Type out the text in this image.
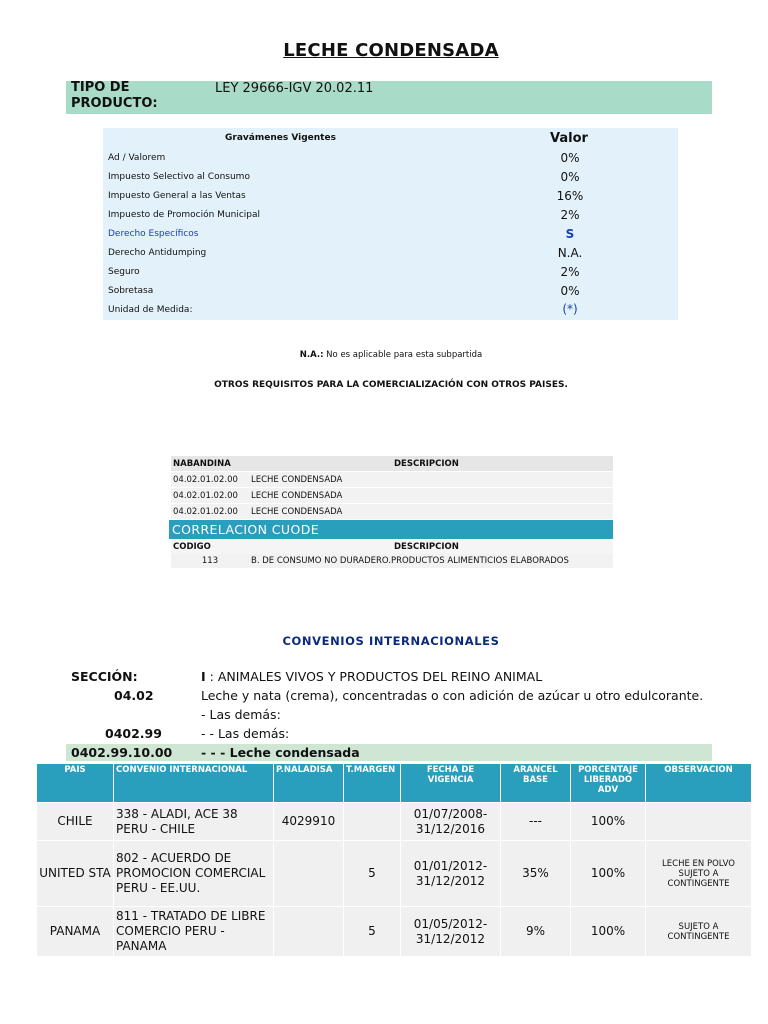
LECHE CONDENSADA
TIPO DE PRODUCTO:
LEY 29666-IGV 20.02.11
Gravámenes Vigentes	Valor
Ad / Valorem	0%
Impuesto Selectivo al Consumo	0%
Impuesto General a las Ventas	16%
Impuesto de Promoción Municipal	2%
Derecho Específicos	S
Derecho Antidumping	N.A.
Seguro	2%
Sobretasa	0%
Unidad de Medida:	(*)
N.A.: No es aplicable para esta subpartida
OTROS REQUISITOS PARA LA COMERCIALIZACIÓN CON OTROS PAISES.
NABANDINA	DESCRIPCION
04.02.01.02.00	LECHE CONDENSADA
04.02.01.02.00	LECHE CONDENSADA
04.02.01.02.00	LECHE CONDENSADA
CORRELACION CUODE
CODIGO	DESCRIPCION
113	B. DE CONSUMO NO DURADERO.PRODUCTOS ALIMENTICIOS ELABORADOS
CONVENIOS INTERNACIONALES
SECCIÓN:	I : ANIMALES VIVOS Y PRODUCTOS DEL REINO ANIMAL
04.02	Leche y nata (crema), concentradas o con adición de azúcar u otro edulcorante.
- Las demás:
0402.99	- - Las demás:
0402.99.10.00 - - - Leche condensada
PAIS	CONVENIO INTERNACIONAL	P.NALADISA	T.MARGEN	FECHA DE VIGENCIA	ARANCEL BASE	PORCENTAJE LIBERADO ADV	OBSERVACION
CHILE	338 - ALADI, ACE 38 PERU - CHILE	4029910		01/07/2008-31/12/2016	---	100%	
UNITED STA	802 - ACUERDO DE PROMOCION COMERCIAL PERU - EE.UU.		5	01/01/2012-31/12/2012	35%	100%	LECHE EN POLVO SUJETO A CONTINGENTE
PANAMA	811 - TRATADO DE LIBRE COMERCIO PERU - PANAMA		5	01/05/2012-31/12/2012	9%	100%	SUJETO A CONTINGENTE
